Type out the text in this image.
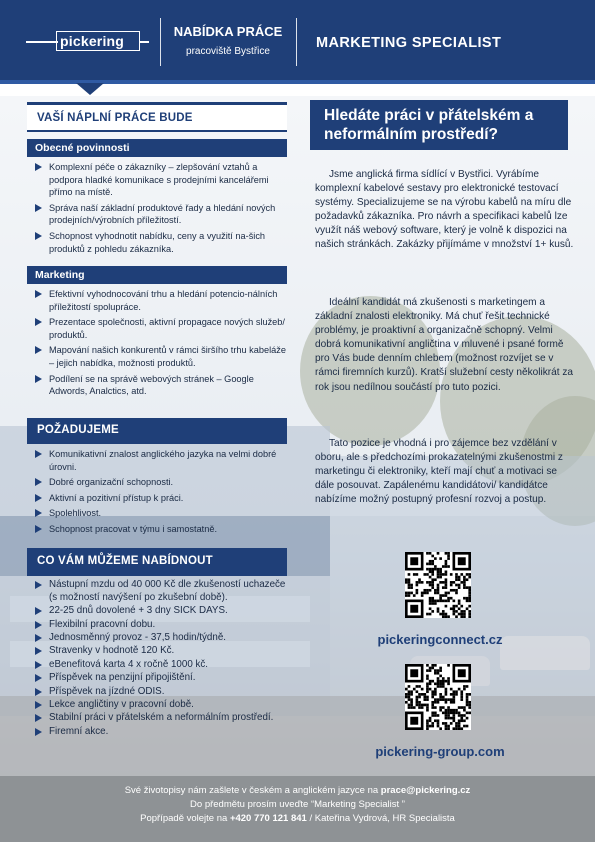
pickering
NABÍDKA PRÁCE
pracoviště Bystřice
MARKETING SPECIALIST
VAŠÍ NÁPLNÍ PRÁCE BUDE
Obecné povinnosti
Komplexní péče o zákazníky – zlepšování vztahů a podpora hladké komunikace s prodejními kancelářemi přímo na místě.
Správa naší základní produktové řady a hledání nových prodejních/výrobních příležitostí.
Schopnost vyhodnotit nabídku, ceny a využití na-šich produktů z pohledu zákazníka.
Marketing
Efektivní vyhodnocování trhu a hledání potencio-nálních příležitostí spolupráce.
Prezentace společnosti, aktivní propagace nových služeb/ produktů.
Mapování našich konkurentů v rámci širšího trhu kabeláže – jejich nabídka, možnosti produktů.
Podílení se na správě webových stránek – Google Adwords, Analctics, atd.
POŽADUJEME
Komunikativní znalost anglického jazyka na velmi dobré úrovni.
Dobré organizační schopnosti.
Aktivní a pozitivní přístup k práci.
Spolehlivost.
Schopnost pracovat v týmu i samostatně.
CO VÁM MŮŽEME NABÍDNOUT
Nástupní mzdu od 40 000 Kč dle zkušeností uchazeče (s možností navýšení po zkušební době).
22-25 dnů dovolené + 3 dny SICK DAYS.
Flexibilní pracovní dobu.
Jednosměnný provoz - 37,5 hodin/týdně.
Stravenky v hodnotě 120 Kč.
eBenefitová karta 4 x ročně 1000 kč.
Příspěvek na penzijní připojištění.
Příspěvek na jízdné ODIS.
Lekce angličtiny v pracovní době.
Stabilní práci v přátelském a neformálním prostředí.
Firemní akce.
Hledáte práci v přátelském a neformálním prostředí?
Jsme anglická firma sídlící v Bystřici. Vyrábíme komplexní kabelové sestavy pro elektronické testovací systémy. Specializujeme se na výrobu kabelů na míru dle požadavků zákazníka. Pro návrh a specifikaci kabelů lze využít náš webový software, který je volně k dispozici na našich stránkách. Zakázky přijímáme v množství 1+ kusů.
Ideální kandidát má zkušenosti s marketingem a základní znalosti elektroniky. Má chuť řešit technické problémy, je proaktivní a organizačně schopný. Velmi dobrá komunikativní angličtina v mluvené i psané formě pro Vás bude denním chlebem (možnost rozvíjet se v rámci firemních kurzů). Kratší služební cesty několikrát za rok jsou nedílnou součástí pro tuto pozici.
Tato pozice je vhodná i pro zájemce bez vzdělání v oboru, ale s předchozími prokazatelnými zkušenostmi z marketingu či elektroniky, kteří mají chuť a motivaci se dále posouvat. Zapálenému kandidátovi/ kandidátce nabízíme možný postupný profesní rozvoj a postup.
pickeringconnect.cz
pickering-group.com
Své životopisy nám zašlete v českém a anglickém jazyce na prace@pickering.cz
Do předmětu prosím uveďte “Marketing Specialist ”
Popřípadě volejte na +420 770 121 841 / Kateřina Vydrová, HR Specialista
